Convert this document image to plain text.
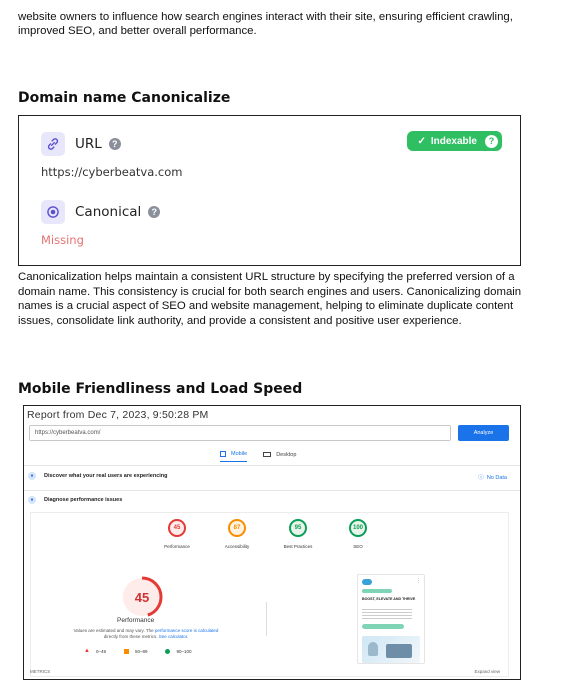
website owners to influence how search engines interact with their site, ensuring efficient crawling, improved SEO, and better overall performance.
Domain name Canonicalize
URL	?
https://cyberbeatva.com
✓ Indexable	?
Canonical	?
Missing
Canonicalization helps maintain a consistent URL structure by specifying the preferred version of a domain name. This consistency is crucial for both search engines and users. Canonicalizing domain names is a crucial aspect of SEO and website management, helping to eliminate duplicate content issues, consolidate link authority, and provide a consistent and positive user experience.
Mobile Friendliness and Load Speed
Report from Dec 7, 2023, 9:50:28 PM
https://cyberbeatva.com/	Analyze
Mobile	Desktop
●	Discover what your real users are experiencing	ⓘ  No Data
●	Diagnose performance issues
45
Performance
87
Accessibility
95
Best Practices
100
SEO
45
Performance
Values are estimated and may vary. The performance score is calculated
directly from these metrics. See calculator.
▲ 0–49	50–89	90–100
⋮
BOOST, ELEVATE AND THRIVE
METRICS	Expand view
